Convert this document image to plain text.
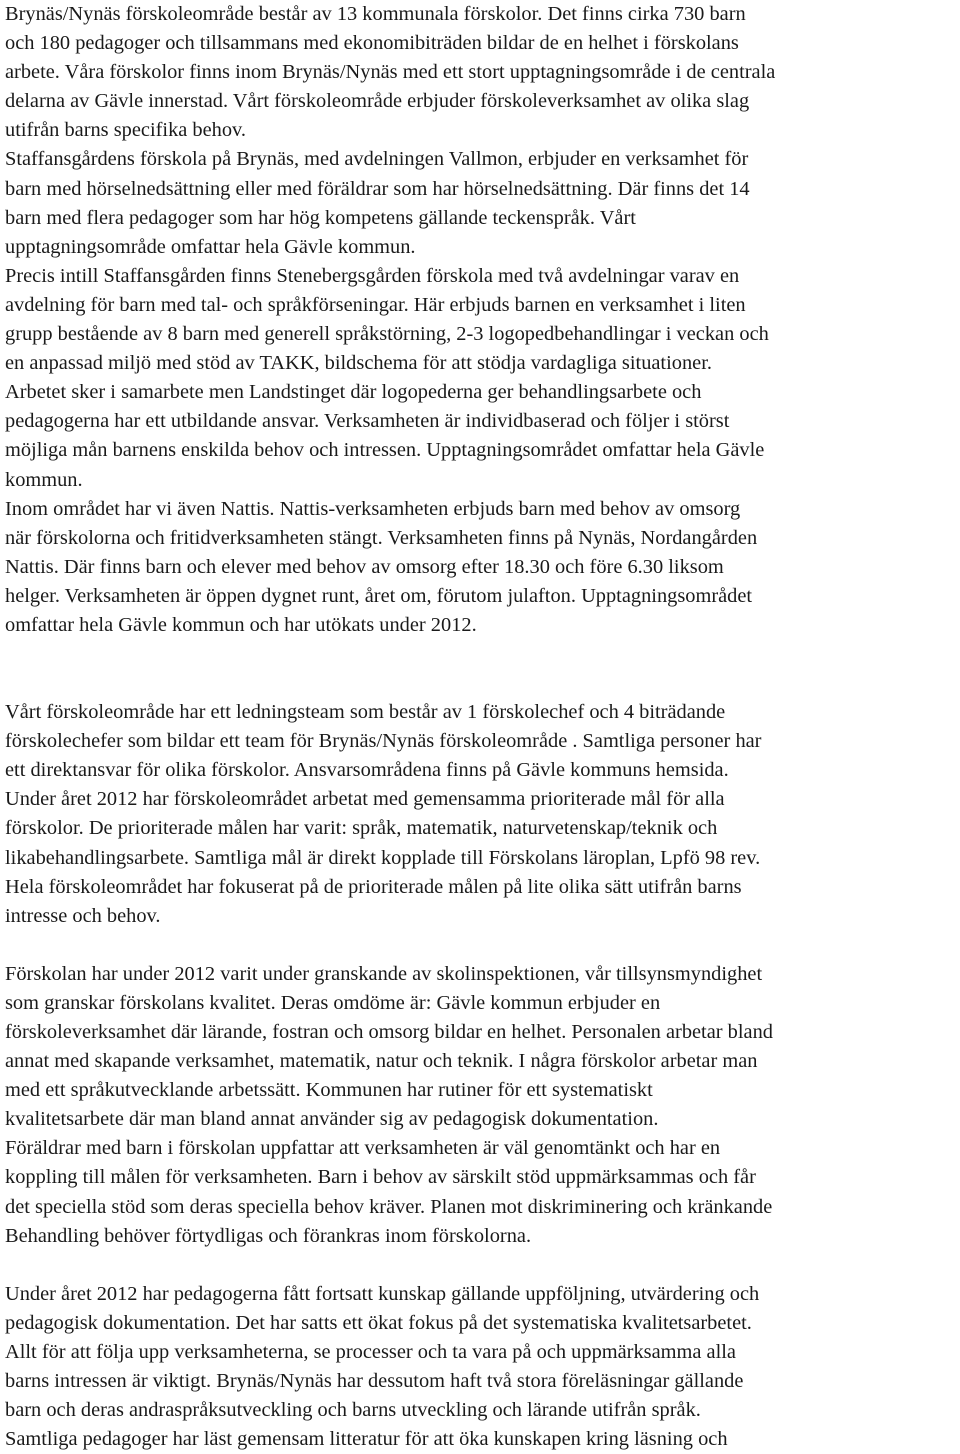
Brynäs/Nynäs förskoleområde består av 13 kommunala förskolor. Det finns cirka 730 barn
och 180 pedagoger och tillsammans med ekonomibiträden bildar de en helhet i förskolans
arbete. Våra förskolor finns inom Brynäs/Nynäs med ett stort upptagningsområde i de centrala
delarna av Gävle innerstad. Vårt förskoleområde erbjuder förskoleverksamhet av olika slag
utifrån barns specifika behov.
Staffansgårdens förskola på Brynäs, med avdelningen Vallmon, erbjuder en verksamhet för
barn med hörselnedsättning eller med föräldrar som har hörselnedsättning. Där finns det 14
barn med flera pedagoger som har hög kompetens gällande teckenspråk. Vårt
upptagningsområde omfattar hela Gävle kommun.
Precis intill Staffansgården finns Stenebergsgården förskola med två avdelningar varav en
avdelning för barn med tal- och språkförseningar. Här erbjuds barnen en verksamhet i liten
grupp bestående av 8 barn med generell språkstörning, 2-3 logopedbehandlingar i veckan och
en anpassad miljö med stöd av TAKK, bildschema för att stödja vardagliga situationer.
Arbetet sker i samarbete men Landstinget där logopederna ger behandlingsarbete och
pedagogerna har ett utbildande ansvar. Verksamheten är individbaserad och följer i störst
möjliga mån barnens enskilda behov och intressen. Upptagningsområdet omfattar hela Gävle
kommun.
Inom området har vi även Nattis. Nattis-verksamheten erbjuds barn med behov av omsorg
när förskolorna och fritidverksamheten stängt. Verksamheten finns på Nynäs, Nordangården
Nattis. Där finns barn och elever med behov av omsorg efter 18.30 och före 6.30 liksom
helger. Verksamheten är öppen dygnet runt, året om, förutom julafton. Upptagningsområdet
omfattar hela Gävle kommun och har utökats under 2012.
Vårt förskoleområde har ett ledningsteam som består av 1 förskolechef och 4 biträdande
förskolechefer som bildar ett team för Brynäs/Nynäs förskoleområde . Samtliga personer har
ett direktansvar för olika förskolor. Ansvarsområdena finns på Gävle kommuns hemsida.
Under året 2012 har förskoleområdet arbetat med gemensamma prioriterade mål för alla
förskolor. De prioriterade målen har varit: språk, matematik, naturvetenskap/teknik och
likabehandlingsarbete. Samtliga mål är direkt kopplade till Förskolans läroplan, Lpfö 98 rev.
Hela förskoleområdet har fokuserat på de prioriterade målen på lite olika sätt utifrån barns
intresse och behov.
Förskolan har under 2012 varit under granskande av skolinspektionen, vår tillsynsmyndighet
som granskar förskolans kvalitet. Deras omdöme är: Gävle kommun erbjuder en
förskoleverksamhet där lärande, fostran och omsorg bildar en helhet. Personalen arbetar bland
annat med skapande verksamhet, matematik, natur och teknik. I några förskolor arbetar man
med ett språkutvecklande arbetssätt. Kommunen har rutiner för ett systematiskt
kvalitetsarbete där man bland annat använder sig av pedagogisk dokumentation.
Föräldrar med barn i förskolan uppfattar att verksamheten är väl genomtänkt och har en
koppling till målen för verksamheten. Barn i behov av särskilt stöd uppmärksammas och får
det speciella stöd som deras speciella behov kräver. Planen mot diskriminering och kränkande
Behandling behöver förtydligas och förankras inom förskolorna.
Under året 2012 har pedagogerna fått fortsatt kunskap gällande uppföljning, utvärdering och
pedagogisk dokumentation. Det har satts ett ökat fokus på det systematiska kvalitetsarbetet.
Allt för att följa upp verksamheterna, se processer och ta vara på och uppmärksamma alla
barns intressen är viktigt. Brynäs/Nynäs har dessutom haft två stora föreläsningar gällande
barn och deras andraspråksutveckling och barns utveckling och lärande utifrån språk.
Samtliga pedagoger har läst gemensam litteratur för att öka kunskapen kring läsning och
